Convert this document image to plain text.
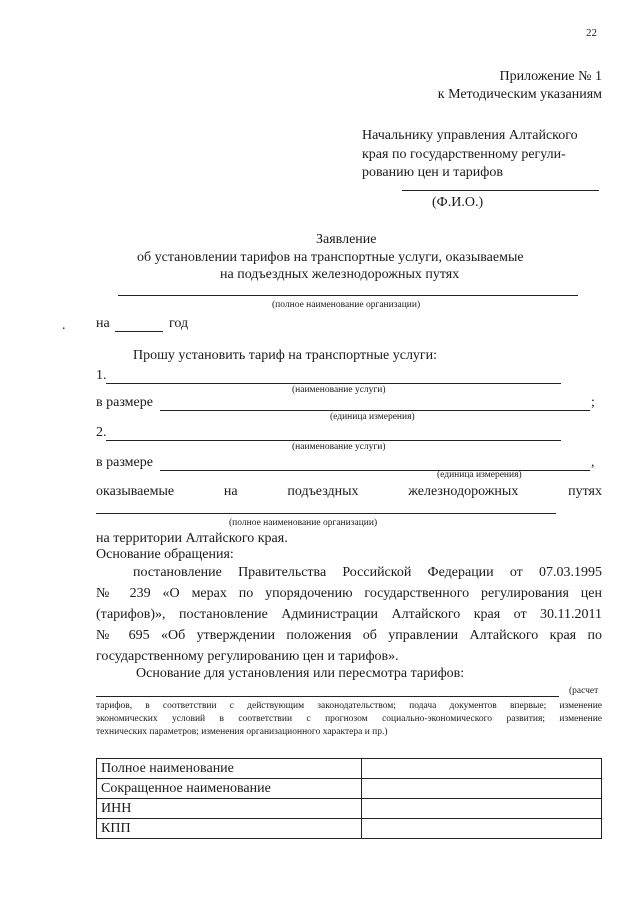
22
Приложение № 1
к Методическим указаниям
Начальнику управления Алтайского
края по государственному регули-
рованию цен и тарифов
(Ф.И.О.)
Заявление
об установлении тарифов на транспортные услуги, оказываемые
на подъездных железнодорожных путях
(полное наименование организации)
. на	год
Прошу установить тариф на транспортные услуги:
1.
(наименование услуги)
в размере	;
(единица измерения)
2.
(наименование услуги)
в размере	,
(единица измерения)
оказываемые	на	подъездных	железнодорожных	путях
(полное наименование организации)
на территории Алтайского края.
Основание обращения:
постановление Правительства Российской Федерации от 07.03.1995
№ 239 «О мерах по упорядочению государственного регулирования цен
(тарифов)», постановление Администрации Алтайского края от 30.11.2011
№ 695 «Об утверждении положения об управлении Алтайского края по
государственному регулированию цен и тарифов».
Основание для установления или пересмотра тарифов:
(расчет
тарифов, в соответствии с действующим законодательством; подача документов впервые; изменение
экономических условий в соответствии с прогнозом социально-экономического развития; изменение
технических параметров; изменения организационного характера и пр.)
Полное наименование	
Сокращенное наименование	
ИНН	
КПП	
